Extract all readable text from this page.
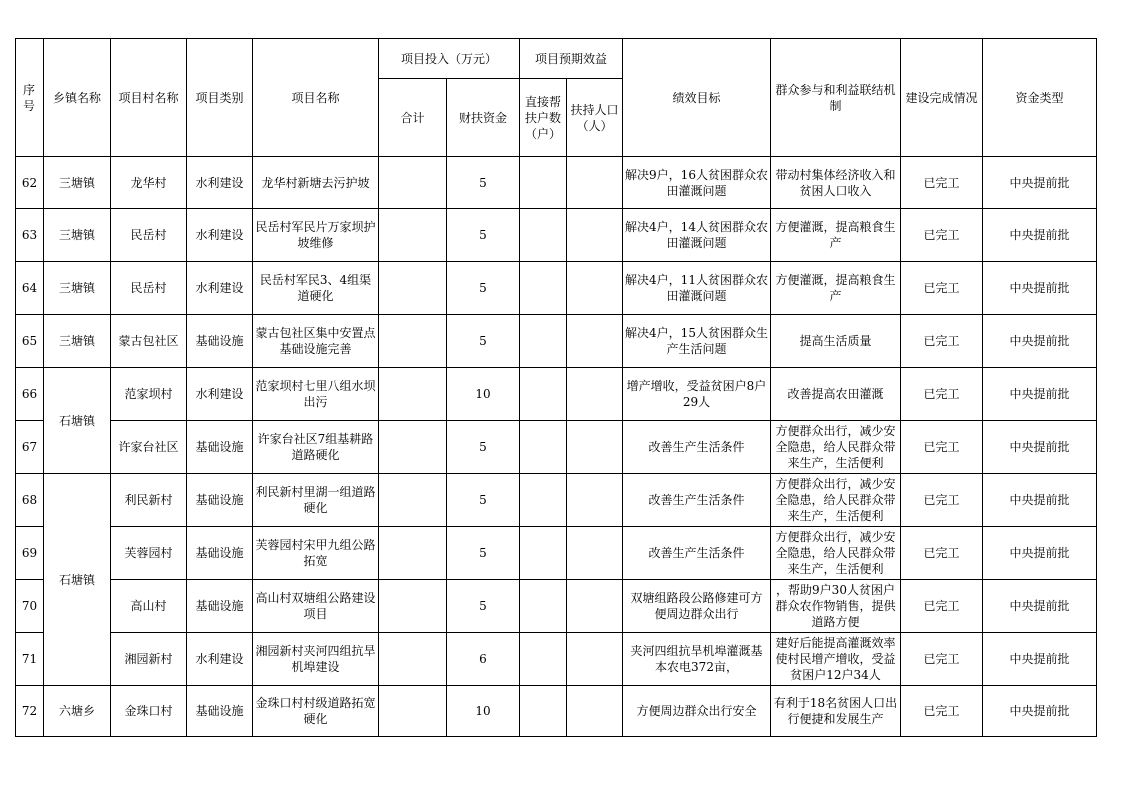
序号	乡镇名称	项目村名称	项目类别	项目名称	项目投入（万元）		项目预期效益		绩效目标	群众参与和利益联结机制	建设完成情况	资金类型
					合计	财扶资金	直接帮扶户数（户）	扶持人口（人）				
62	三塘镇	龙华村	水利建设	龙华村新塘去污护坡		5			解决9户，16人贫困群众农田灌溉问题	带动村集体经济收入和贫困人口收入	已完工	中央提前批
63	三塘镇	民岳村	水利建设	民岳村军民片万家坝护坡维修		5			解决4户，14人贫困群众农田灌溉问题	方便灌溉，提高粮食生产	已完工	中央提前批
64	三塘镇	民岳村	水利建设	民岳村军民3、4组渠道硬化		5			解决4户，11人贫困群众农田灌溉问题	方便灌溉，提高粮食生产	已完工	中央提前批
65	三塘镇	蒙古包社区	基础设施	蒙古包社区集中安置点基础设施完善		5			解决4户，15人贫困群众生产生活问题	提高生活质量	已完工	中央提前批
66	石塘镇	范家坝村	水利建设	范家坝村七里八组水坝出污		10			增产增收，受益贫困户8户29人	改善提高农田灌溉	已完工	中央提前批
67		许家台社区	基础设施	许家台社区7组基耕路道路硬化		5			改善生产生活条件	方便群众出行，减少安全隐患，给人民群众带来生产，生活便利	已完工	中央提前批
68	石塘镇	利民新村	基础设施	利民新村里湖一组道路硬化		5			改善生产生活条件	方便群众出行，减少安全隐患，给人民群众带来生产，生活便利	已完工	中央提前批
69		芙蓉园村	基础设施	芙蓉园村宋甲九组公路拓宽		5			改善生产生活条件	方便群众出行，减少安全隐患，给人民群众带来生产，生活便利	已完工	中央提前批
70		高山村	基础设施	高山村双塘组公路建设项目		5			双塘组路段公路修建可方便周边群众出行	，帮助9户30人贫困户群众农作物销售，提供道路方便	已完工	中央提前批
71		湘园新村	水利建设	湘园新村夹河四组抗旱机埠建设		6			夹河四组抗旱机埠灌溉基本农电372亩，	建好后能提高灌溉效率使村民增产增收，受益贫困户12户34人	已完工	中央提前批
72	六塘乡	金珠口村	基础设施	金珠口村村级道路拓宽硬化		10			方便周边群众出行安全	有利于18名贫困人口出行便捷和发展生产	已完工	中央提前批
